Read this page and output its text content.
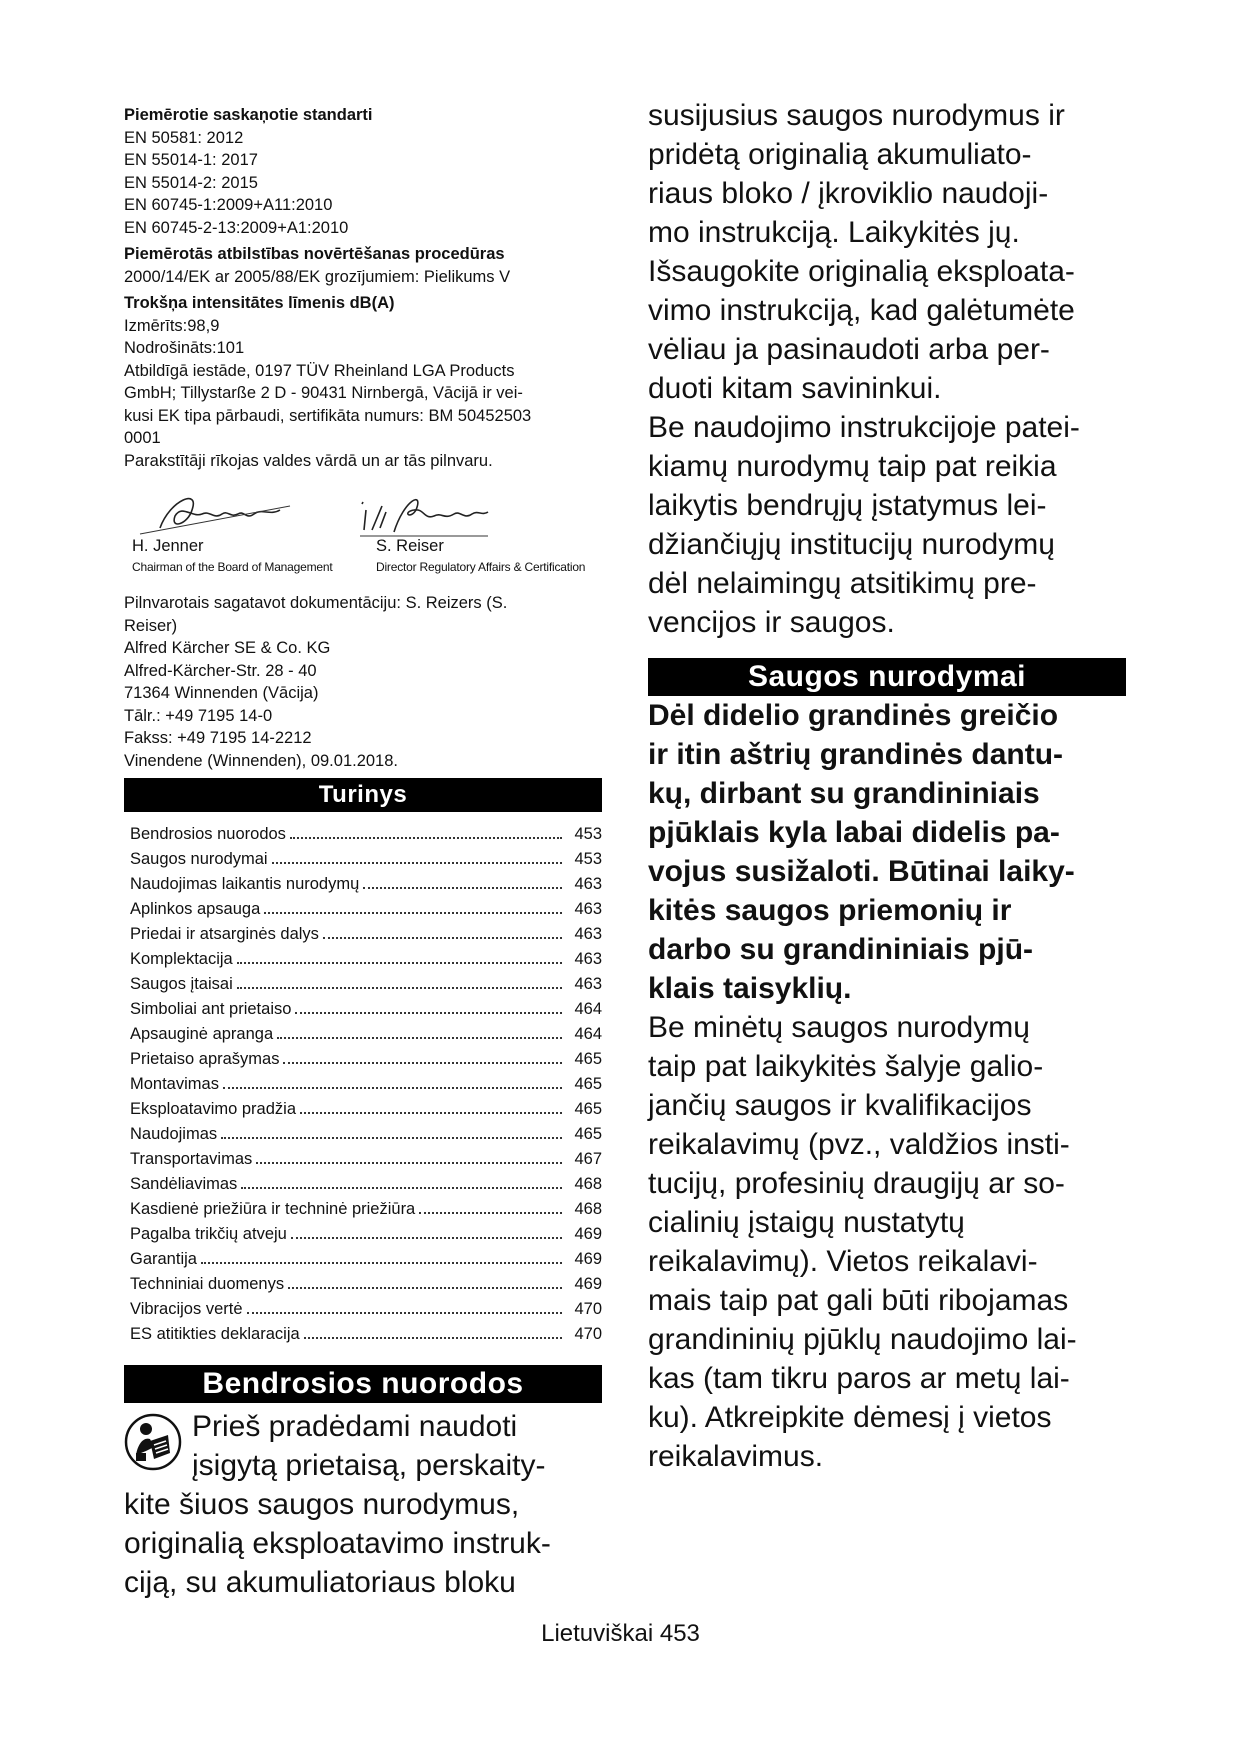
Piemērotie saskaņotie standarti

EN 50581: 2012

EN 55014-1: 2017

EN 55014-2: 2015

EN 60745-1:2009+A11:2010

EN 60745-2-13:2009+A1:2010

Piemērotās atbilstības novērtēšanas procedūras

2000/14/EK ar 2005/88/EK grozījumiem: Pielikums V

Trokšņa intensitātes līmenis dB(A)

Izmērīts:98,9

Nodrošināts:101

Atbildīgā iestāde, 0197 TÜV Rheinland LGA Products

GmbH; Tillystarße 2 D - 90431 Nirnbergā, Vācijā ir vei-

kusi EK tipa pārbaudi, sertifikāta numurs: BM 50452503

0001

Parakstītāji rīkojas valdes vārdā un ar tās pilnvaru.

H. Jenner
Chairman of the Board of Management
S. Reiser
Director Regulatory Affairs & Certification

Pilnvarotais sagatavot dokumentāciju: S. Reizers (S.

Reiser)

Alfred Kärcher SE & Co. KG

Alfred-Kärcher-Str. 28 - 40

71364 Winnenden (Vācija)

Tālr.: +49 7195 14-0

Fakss: +49 7195 14-2212

Vinendene (Winnenden), 09.01.2018.

Turinys
Bendrosios nuorodos	453
Saugos nurodymai	453
Naudojimas laikantis nurodymų	463
Aplinkos apsauga	463
Priedai ir atsarginės dalys	463
Komplektacija	463
Saugos įtaisai	463
Simboliai ant prietaiso	464
Apsauginė apranga	464
Prietaiso aprašymas	465
Montavimas	465
Eksploatavimo pradžia	465
Naudojimas	465
Transportavimas	467
Sandėliavimas	468
Kasdienė priežiūra ir techninė priežiūra	468
Pagalba trikčių atveju	469
Garantija	469
Techniniai duomenys	469
Vibracijos vertė	470
ES atitikties deklaracija	470
Bendrosios nuorodos

Prieš pradėdami naudoti

įsigytą prietaisą, perskaity-

kite šiuos saugos nurodymus,

originalią eksploatavimo instruk-

ciją, su akumuliatoriaus bloku

susijusius saugos nurodymus ir

pridėtą originalią akumuliato-

riaus bloko / įkroviklio naudoji-

mo instrukciją. Laikykitės jų.

Išsaugokite originalią eksploata-

vimo instrukciją, kad galėtumėte

vėliau ja pasinaudoti arba per-

duoti kitam savininkui.

Be naudojimo instrukcijoje patei-

kiamų nurodymų taip pat reikia

laikytis bendrųjų įstatymus lei-

džiančiųjų institucijų nurodymų

dėl nelaimingų atsitikimų pre-

vencijos ir saugos.

Saugos nurodymai

Dėl didelio grandinės greičio

ir itin aštrių grandinės dantu-

kų, dirbant su grandininiais

pjūklais kyla labai didelis pa-

vojus susižaloti. Būtinai laiky-

kitės saugos priemonių ir

darbo su grandininiais pjū-

klais taisyklių.

Be minėtų saugos nurodymų

taip pat laikykitės šalyje galio-

jančių saugos ir kvalifikacijos

reikalavimų (pvz., valdžios insti-

tucijų, profesinių draugijų ar so-

cialinių įstaigų nustatytų

reikalavimų). Vietos reikalavi-

mais taip pat gali būti ribojamas

grandininių pjūklų naudojimo lai-

kas (tam tikru paros ar metų lai-

ku). Atkreipkite dėmesį į vietos

reikalavimus.

Lietuviškai 453
